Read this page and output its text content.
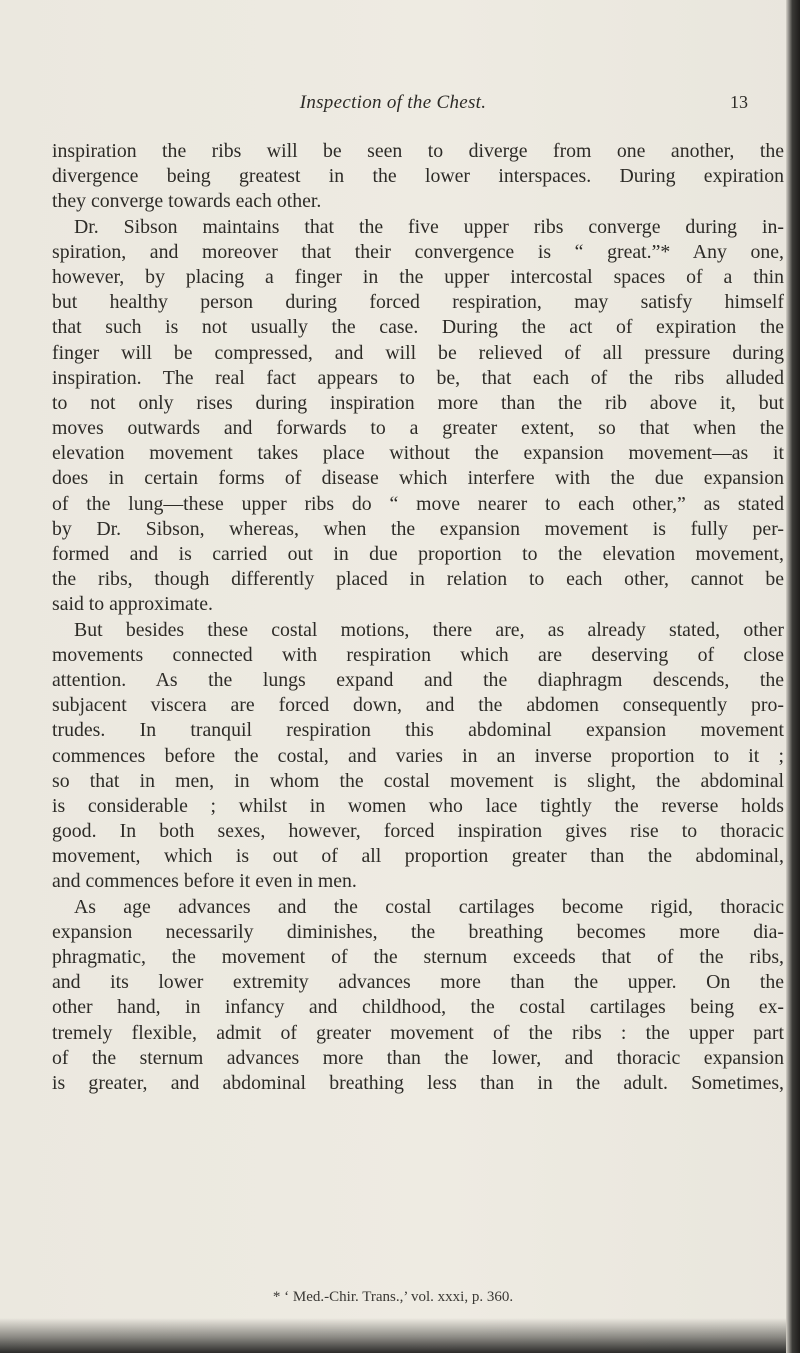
Inspection of the Chest.	13
inspiration the ribs will be seen to diverge from one another, the
divergence being greatest in the lower interspaces. During expiration
they converge towards each other.
Dr. Sibson maintains that the five upper ribs converge during in-
spiration, and moreover that their convergence is “ great.”* Any one,
however, by placing a finger in the upper intercostal spaces of a thin
but healthy person during forced respiration, may satisfy himself
that such is not usually the case. During the act of expiration the
finger will be compressed, and will be relieved of all pressure during
inspiration. The real fact appears to be, that each of the ribs alluded
to not only rises during inspiration more than the rib above it, but
moves outwards and forwards to a greater extent, so that when the
elevation movement takes place without the expansion movement—as it
does in certain forms of disease which interfere with the due expansion
of the lung—these upper ribs do “ move nearer to each other,” as stated
by Dr. Sibson, whereas, when the expansion movement is fully per-
formed and is carried out in due proportion to the elevation movement,
the ribs, though differently placed in relation to each other, cannot be
said to approximate.
But besides these costal motions, there are, as already stated, other
movements connected with respiration which are deserving of close
attention. As the lungs expand and the diaphragm descends, the
subjacent viscera are forced down, and the abdomen consequently pro-
trudes. In tranquil respiration this abdominal expansion movement
commences before the costal, and varies in an inverse proportion to it ;
so that in men, in whom the costal movement is slight, the abdominal
is considerable ; whilst in women who lace tightly the reverse holds
good. In both sexes, however, forced inspiration gives rise to thoracic
movement, which is out of all proportion greater than the abdominal,
and commences before it even in men.
As age advances and the costal cartilages become rigid, thoracic
expansion necessarily diminishes, the breathing becomes more dia-
phragmatic, the movement of the sternum exceeds that of the ribs,
and its lower extremity advances more than the upper. On the
other hand, in infancy and childhood, the costal cartilages being ex-
tremely flexible, admit of greater movement of the ribs : the upper part
of the sternum advances more than the lower, and thoracic expansion
is greater, and abdominal breathing less than in the adult. Sometimes,
* ‘ Med.-Chir. Trans.,’ vol. xxxi, p. 360.
